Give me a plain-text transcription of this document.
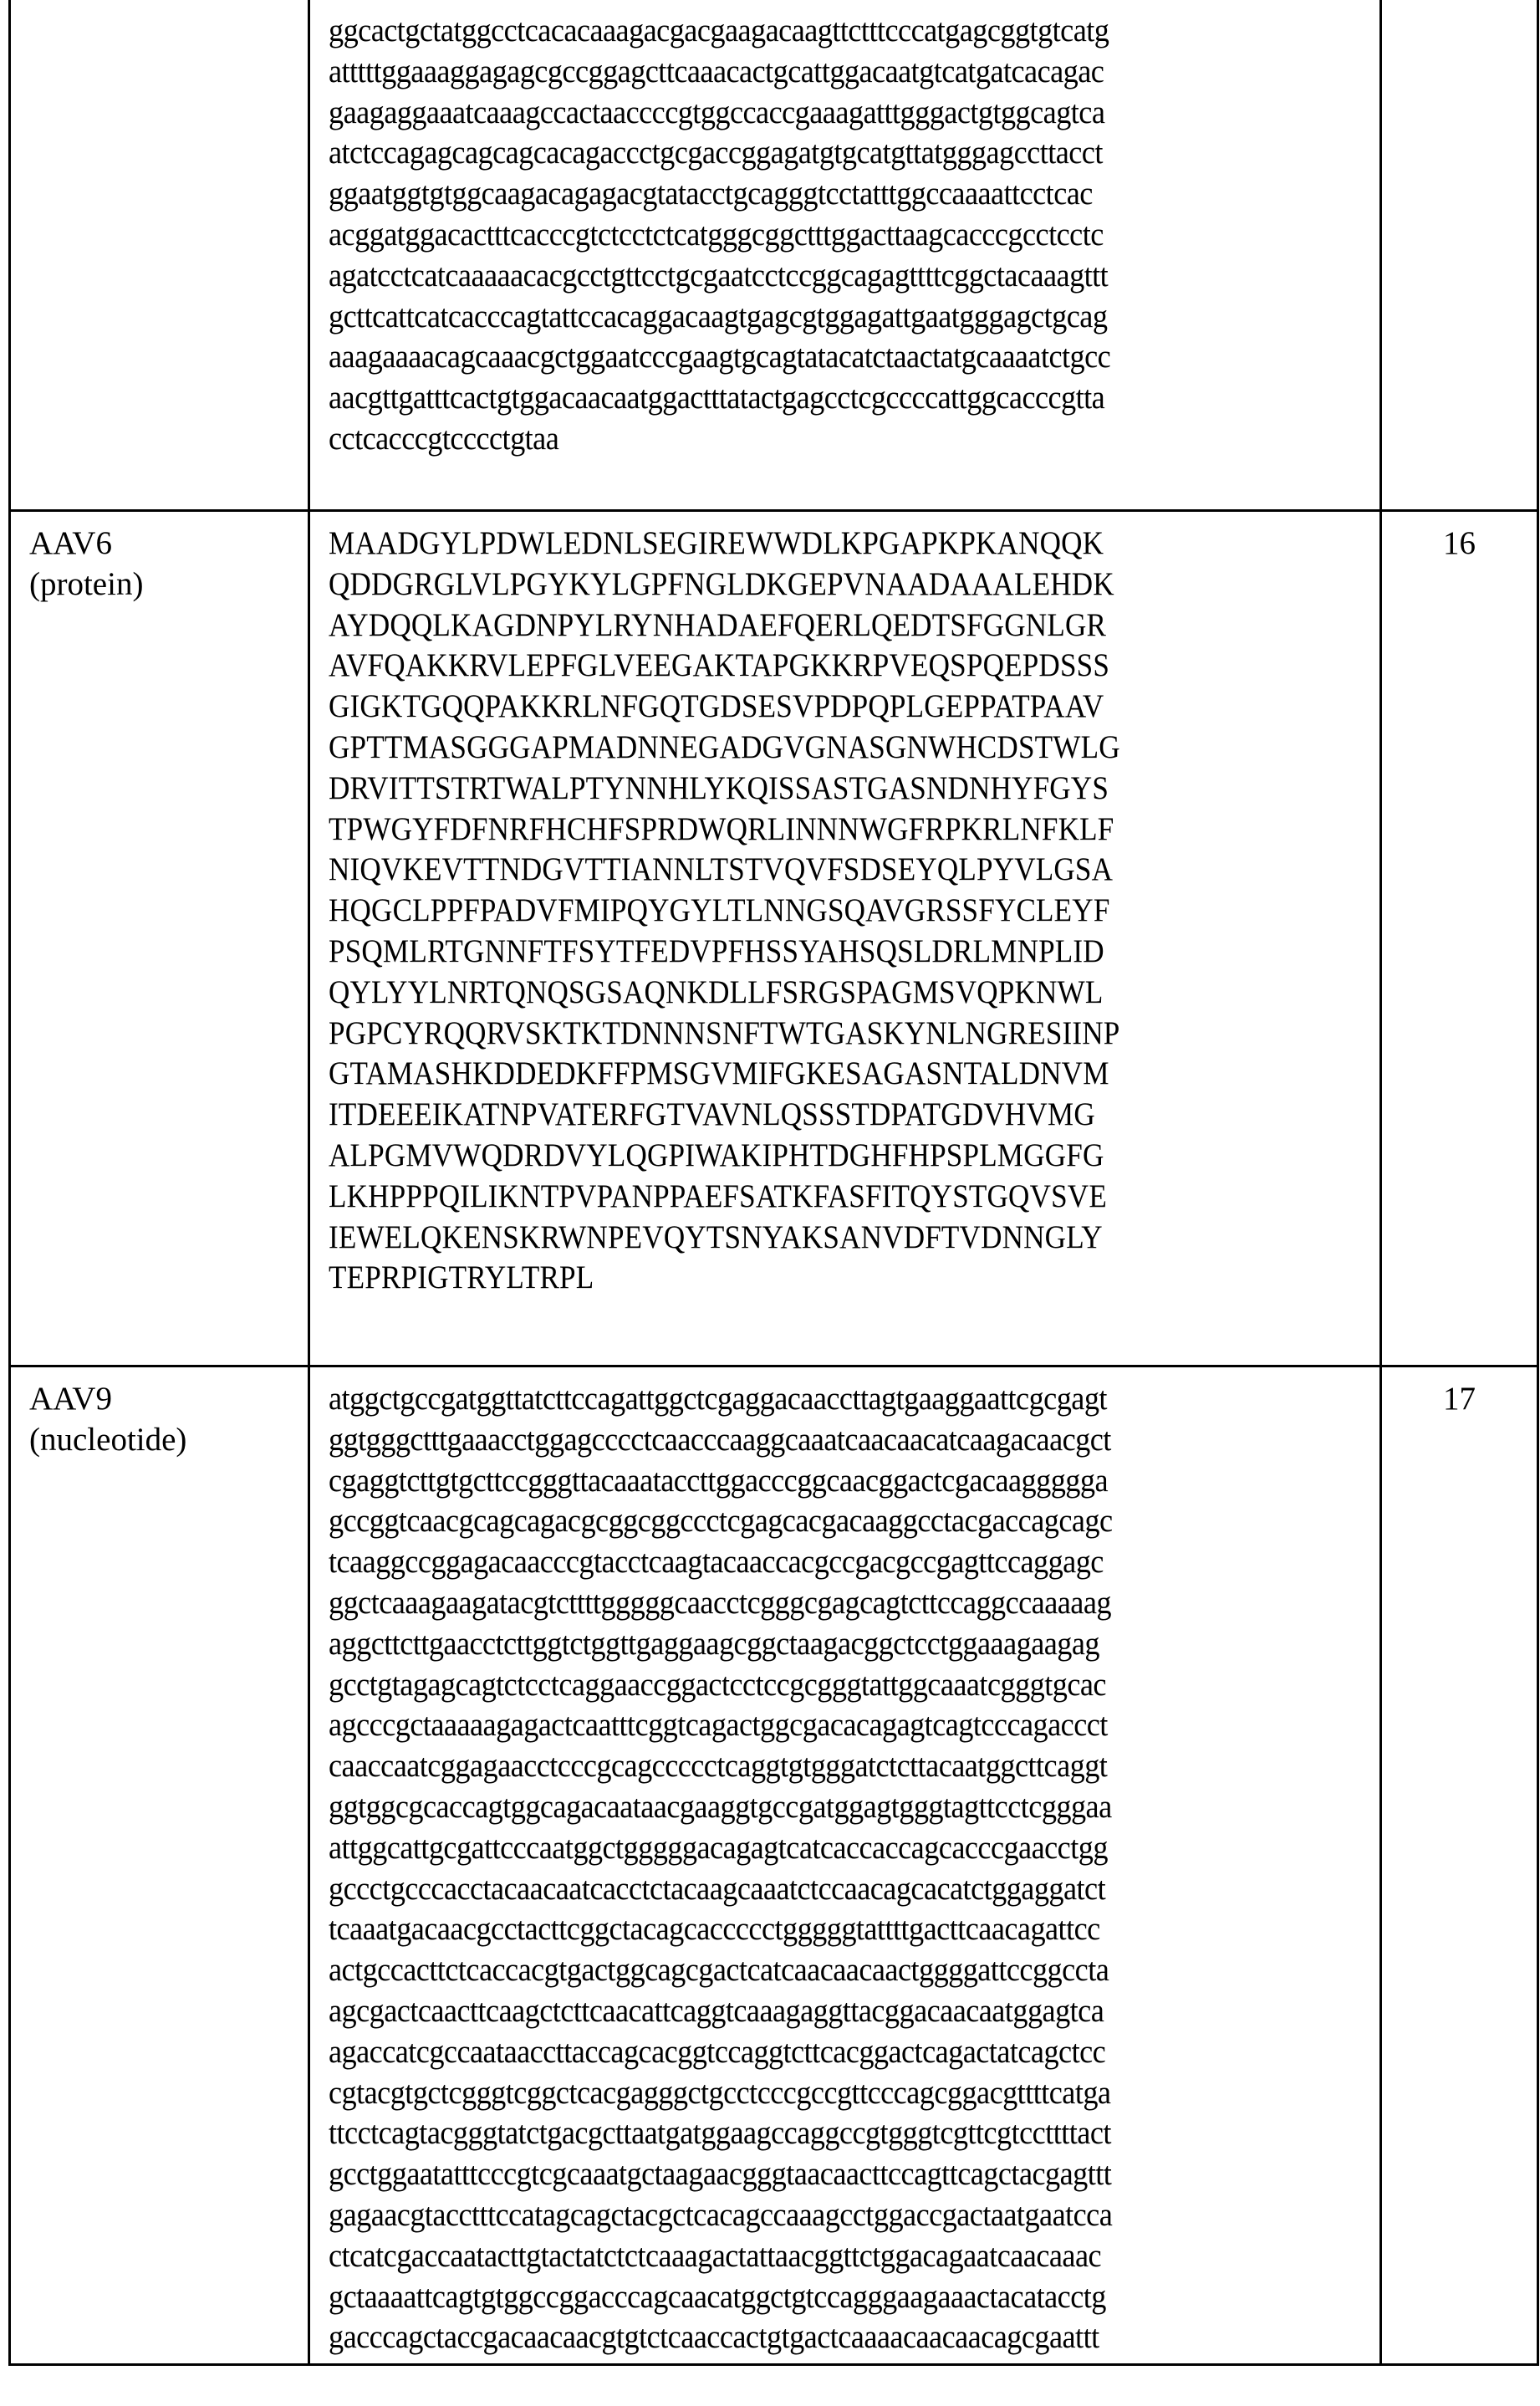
ggcactgctatggcctcacacaaagacgacgaagacaagttctttcccatgagcggtgtcatg
atttttggaaaggagagcgccggagcttcaaacactgcattggacaatgtcatgatcacagac
gaagaggaaatcaaagccactaaccccgtggccaccgaaagatttgggactgtggcagtca
atctccagagcagcagcacagaccctgcgaccggagatgtgcatgttatgggagccttacct
ggaatggtgtggcaagacagagacgtatacctgcagggtcctatttggccaaaattcctcac
acggatggacactttcacccgtctcctctcatgggcggctttggacttaagcacccgcctcctc
agatcctcatcaaaaacacgcctgttcctgcgaatcctccggcagagttttcggctacaaagttt
gcttcattcatcacccagtattccacaggacaagtgagcgtggagattgaatgggagctgcag
aaagaaaacagcaaacgctggaatcccgaagtgcagtatacatctaactatgcaaaatctgcc
aacgttgatttcactgtggacaacaatggactttatactgagcctcgccccattggcacccgtta
cctcacccgtcccctgtaa

AAV6
(protein)

MAADGYLPDWLEDNLSEGIREWWDLKPGAPKPKANQQK
QDDGRGLVLPGYKYLGPFNGLDKGEPVNAADAAALEHDK
AYDQQLKAGDNPYLRYNHADAEFQERLQEDTSFGGNLGR
AVFQAKKRVLEPFGLVEEGAKTAPGKKRPVEQSPQEPDSSS
GIGKTGQQPAKKRLNFGQTGDSESVPDPQPLGEPPATPAAV
GPTTMASGGGAPMADNNEGADGVGNASGNWHCDSTWLG
DRVITTSTRTWALPTYNNHLYKQISSASTGASNDNHYFGYS
TPWGYFDFNRFHCHFSPRDWQRLINNNWGFRPKRLNFKLF
NIQVKEVTTNDGVTTIANNLTSTVQVFSDSEYQLPYVLGSA
HQGCLPPFPADVFMIPQYGYLTLNNGSQAVGRSSFYCLEYF
PSQMLRTGNNFTFSYTFEDVPFHSSYAHSQSLDRLMNPLID
QYLYYLNRTQNQSGSAQNKDLLFSRGSPAGMSVQPKNWL
PGPCYRQQRVSKTKTDNNNSNFTWTGASKYNLNGRESIINP
GTAMASHKDDEDKFFPMSGVMIFGKESAGASNTALDNVM
ITDEEEIKATNPVATERFGTVAVNLQSSSTDPATGDVHVMG
ALPGMVWQDRDVYLQGPIWAKIPHTDGHFHPSPLMGGFG
LKHPPPQILIKNTPVPANPPAEFSATKFASFITQYSTGQVSVE
IEWELQKENSKRWNPEVQYTSNYAKSANVDFTVDNNGLY
TEPRPIGTRYLTRPL
	16

AAV9
(nucleotide)

atggctgccgatggttatcttccagattggctcgaggacaaccttagtgaaggaattcgcgagt
ggtgggctttgaaacctggagcccctcaacccaaggcaaatcaacaacatcaagacaacgct
cgaggtcttgtgcttccgggttacaaataccttggacccggcaacggactcgacaaggggga
gccggtcaacgcagcagacgcggcggccctcgagcacgacaaggcctacgaccagcagc
tcaaggccggagacaacccgtacctcaagtacaaccacgccgacgccgagttccaggagc
ggctcaaagaagatacgtcttttgggggcaacctcgggcgagcagtcttccaggccaaaaag
aggcttcttgaacctcttggtctggttgaggaagcggctaagacggctcctggaaagaagag
gcctgtagagcagtctcctcaggaaccggactcctccgcgggtattggcaaatcgggtgcac
agcccgctaaaaagagactcaatttcggtcagactggcgacacagagtcagtcccagaccct
caaccaatcggagaacctcccgcagccccctcaggtgtgggatctcttacaatggcttcaggt
ggtggcgcaccagtggcagacaataacgaaggtgccgatggagtgggtagttcctcgggaa
attggcattgcgattcccaatggctgggggacagagtcatcaccaccagcacccgaacctgg
gccctgcccacctacaacaatcacctctacaagcaaatctccaacagcacatctggaggatct
tcaaatgacaacgcctacttcggctacagcaccccctgggggtattttgacttcaacagattcc
actgccacttctcaccacgtgactggcagcgactcatcaacaacaactggggattccggccta
agcgactcaacttcaagctcttcaacattcaggtcaaagaggttacggacaacaatggagtca
agaccatcgccaataaccttaccagcacggtccaggtcttcacggactcagactatcagctcc
cgtacgtgctcgggtcggctcacgagggctgcctcccgccgttcccagcggacgttttcatga
ttcctcagtacgggtatctgacgcttaatgatggaagccaggccgtgggtcgttcgtccttttact
gcctggaatatttcccgtcgcaaatgctaagaacgggtaacaacttccagttcagctacgagttt
gagaacgtacctttccatagcagctacgctcacagccaaagcctggaccgactaatgaatcca
ctcatcgaccaatacttgtactatctctcaaagactattaacggttctggacagaatcaacaaac
gctaaaattcagtgtggccggacccagcaacatggctgtccagggaagaaactacatacctg
gacccagctaccgacaacaacgtgtctcaaccactgtgactcaaaacaacaacagcgaattt
	17
